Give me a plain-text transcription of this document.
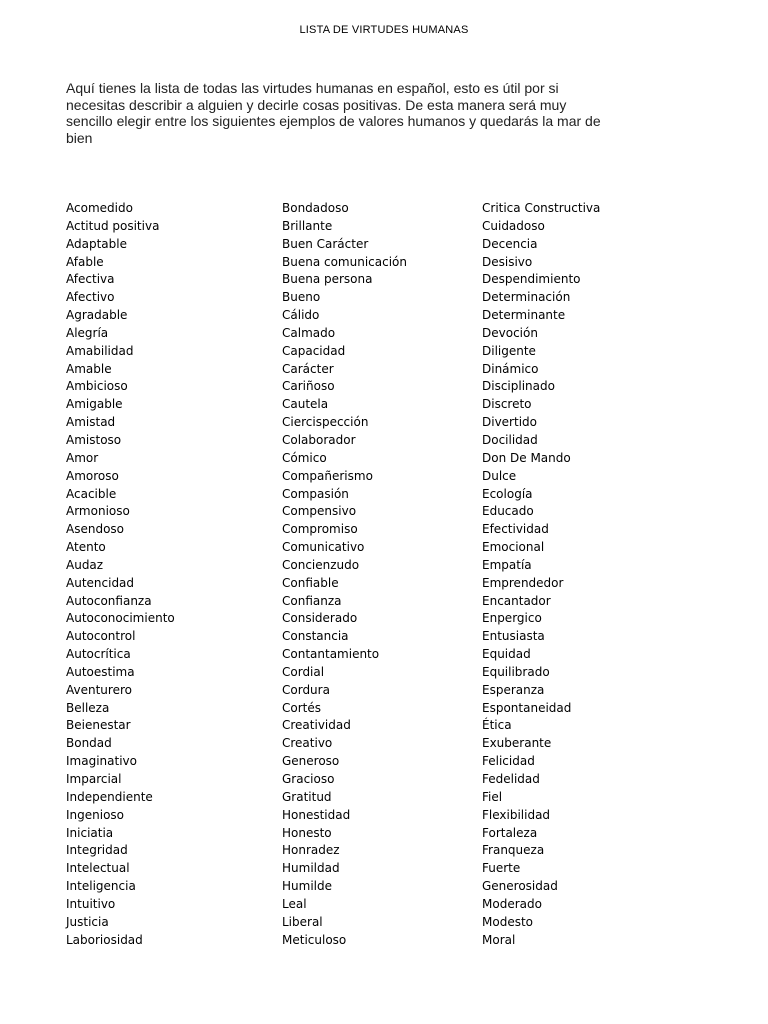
LISTA DE VIRTUDES HUMANAS
Aquí tienes la lista de todas las virtudes humanas en español, esto es útil por si necesitas describir a alguien y decirle cosas positivas. De esta manera será muy sencillo elegir entre los siguientes ejemplos de valores humanos y quedarás la mar de bien
Acomedido
Actitud positiva
Adaptable
Afable
Afectiva
Afectivo
Agradable
Alegría
Amabilidad
Amable
Ambicioso
Amigable
Amistad
Amistoso
Amor
Amoroso
Acacible
Armonioso
Asendoso
Atento
Audaz
Autencidad
Autoconfianza
Autoconocimiento
Autocontrol
Autocrítica
Autoestima
Aventurero
Belleza
Beienestar
Bondad
Imaginativo
Imparcial
Independiente
Ingenioso
Iniciatia
Integridad
Intelectual
Inteligencia
Intuitivo
Justicia
Laboriosidad
Bondadoso
Brillante
Buen Carácter
Buena comunicación
Buena persona
Bueno
Cálido
Calmado
Capacidad
Carácter
Cariñoso
Cautela
Ciercispección
Colaborador
Cómico
Compañerismo
Compasión
Compensivo
Compromiso
Comunicativo
Concienzudo
Confiable
Confianza
Considerado
Constancia
Contantamiento
Cordial
Cordura
Cortés
Creatividad
Creativo
Generoso
Gracioso
Gratitud
Honestidad
Honesto
Honradez
Humildad
Humilde
Leal
Liberal
Meticuloso
Critica Constructiva
Cuidadoso
Decencia
Desisivo
Despendimiento
Determinación
Determinante
Devoción
Diligente
Dinámico
Disciplinado
Discreto
Divertido
Docilidad
Don De Mando
Dulce
Ecología
Educado
Efectividad
Emocional
Empatía
Emprendedor
Encantador
Enpergico
Entusiasta
Equidad
Equilibrado
Esperanza
Espontaneidad
Ética
Exuberante
Felicidad
Fedelidad
Fiel
Flexibilidad
Fortaleza
Franqueza
Fuerte
Generosidad
Moderado
Modesto
Moral
